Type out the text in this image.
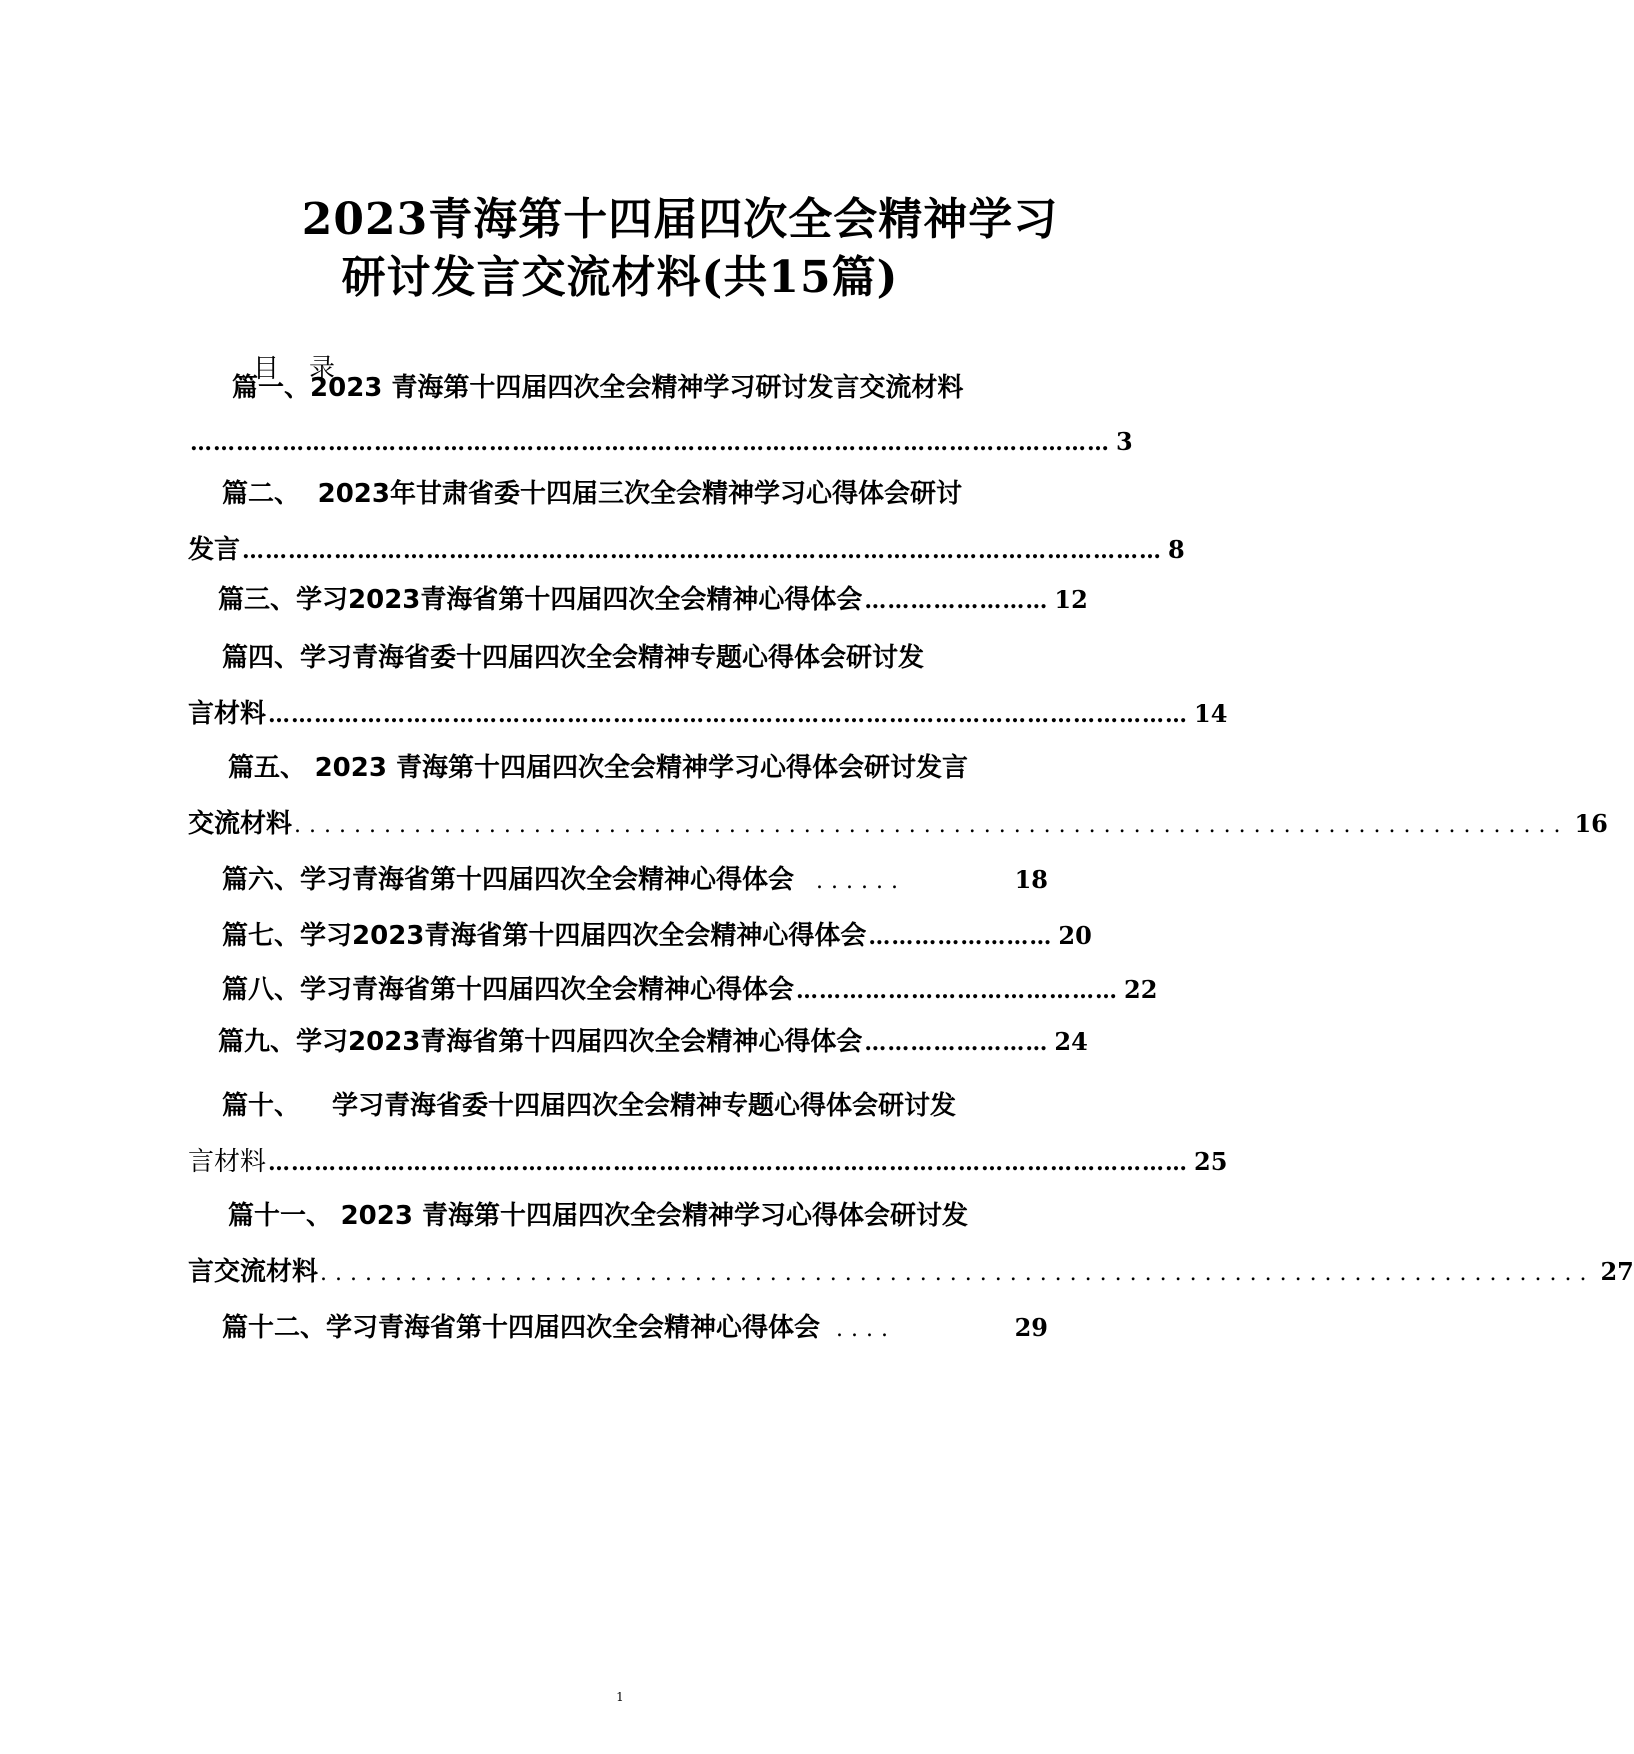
2023青海第十四届四次全会精神学习
研讨发言交流材料(共15篇)
目录
篇一、 2023 青海第十四届四次全会精神学习研讨发言交流材料
………………………………………………………………………………………………………… 3
篇二、 2023年甘肃省委十四届三次全会精神学习心得体会研讨
发言 ………………………………………………………………………………………………………… 8
篇三、 学习2023青海省第十四届四次全会精神心得体会 …………………… 12
篇四、 学习青海省委十四届四次全会精神专题心得体会研讨发
言材料 ………………………………………………………………………………………………………… 14
篇五、 2023 青海第十四届四次全会精神学习心得体会研讨发言
交流材料 ..................................................................................... 16
篇六、 学习青海省第十四届四次全会精神心得体会 ......	18
篇七、 学习2023青海省第十四届四次全会精神心得体会 …………………… 20
篇八、 学习青海省第十四届四次全会精神心得体会 …………………………………… 22
篇九、 学习2023青海省第十四届四次全会精神心得体会 …………………… 24
篇十、 学习青海省委十四届四次全会精神专题心得体会研讨发
言材料 ………………………………………………………………………………………………………… 25
篇十一、 2023 青海第十四届四次全会精神学习心得体会研讨发
言交流材料 ..................................................................................... 27
篇十二、 学习青海省第十四届四次全会精神心得体会 ....	29
1
